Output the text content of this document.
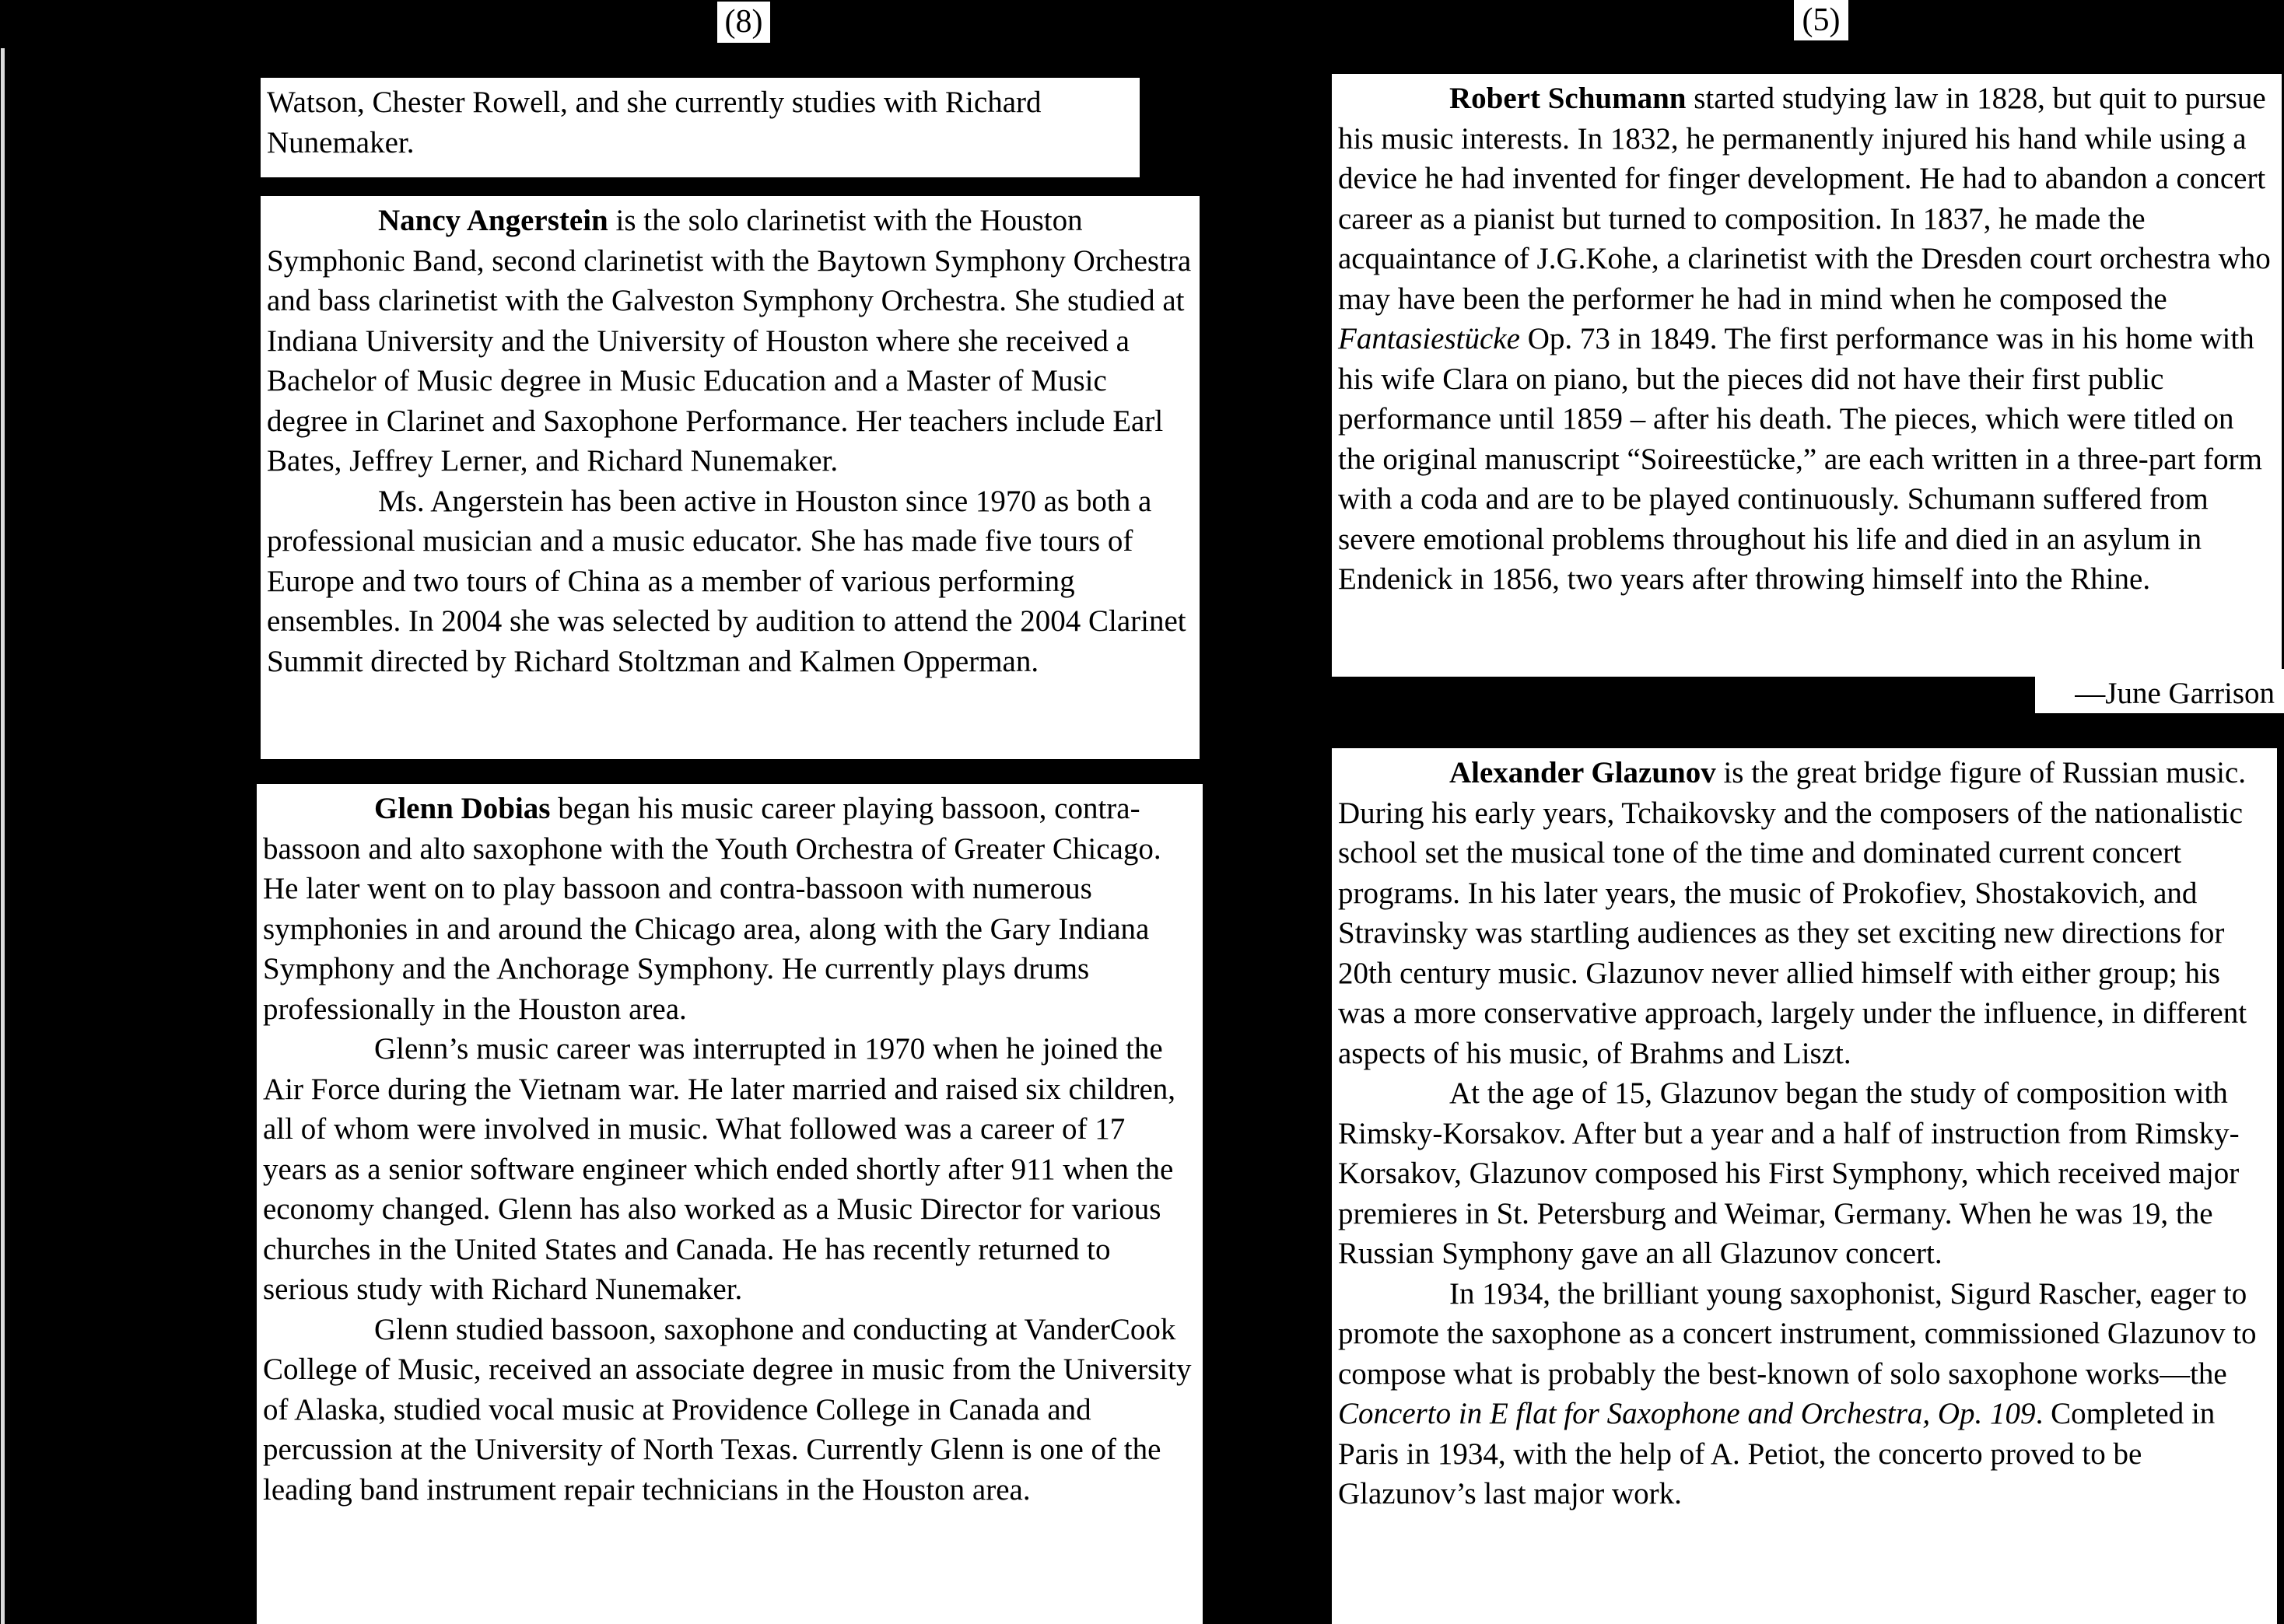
(8)	(5)

Watson, Chester Rowell, and she currently studies with Richard Nunemaker.

Nancy Angerstein is the solo clarinetist with the Houston Symphonic Band, second clarinetist with the Baytown Symphony Orchestra and bass clarinetist with the Galveston Symphony Orchestra. She studied at Indiana University and the University of Houston where she received a Bachelor of Music degree in Music Education and a Master of Music degree in Clarinet and Saxophone Performance. Her teachers include Earl Bates, Jeffrey Lerner, and Richard Nunemaker.

Ms. Angerstein has been active in Houston since 1970 as both a professional musician and a music educator. She has made five tours of Europe and two tours of China as a member of various performing ensembles. In 2004 she was selected by audition to attend the 2004 Clarinet Summit directed by Richard Stoltzman and Kalmen Opperman.

Glenn Dobias began his music career playing bassoon, contra-bassoon and alto saxophone with the Youth Orchestra of Greater Chicago. He later went on to play bassoon and contra-bassoon with numerous symphonies in and around the Chicago area, along with the Gary Indiana Symphony and the Anchorage Symphony. He currently plays drums professionally in the Houston area.

Glenn’s music career was interrupted in 1970 when he joined the Air Force during the Vietnam war. He later married and raised six children, all of whom were involved in music. What followed was a career of 17 years as a senior software engineer which ended shortly after 911 when the economy changed. Glenn has also worked as a Music Director for various churches in the United States and Canada. He has recently returned to serious study with Richard Nunemaker.

Glenn studied bassoon, saxophone and conducting at VanderCook College of Music, received an associate degree in music from the University of Alaska, studied vocal music at Providence College in Canada and percussion at the University of North Texas. Currently Glenn is one of the leading band instrument repair technicians in the Houston area.

Robert Schumann started studying law in 1828, but quit to pursue his music interests. In 1832, he permanently injured his hand while using a device he had invented for finger development. He had to abandon a concert career as a pianist but turned to composition. In 1837, he made the acquaintance of J.G.Kohe, a clarinetist with the Dresden court orchestra who may have been the performer he had in mind when he composed the Fantasiestücke Op. 73 in 1849. The first performance was in his home with his wife Clara on piano, but the pieces did not have their first public performance until 1859 – after his death. The pieces, which were titled on the original manuscript “Soireestücke,” are each written in a three-part form with a coda and are to be played continuously. Schumann suffered from severe emotional problems throughout his life and died in an asylum in Endenick in 1856, two years after throwing himself into the Rhine.

—June Garrison

Alexander Glazunov is the great bridge figure of Russian music. During his early years, Tchaikovsky and the composers of the nationalistic school set the musical tone of the time and dominated current concert programs. In his later years, the music of Prokofiev, Shostakovich, and Stravinsky was startling audiences as they set exciting new directions for 20th century music. Glazunov never allied himself with either group; his was a more conservative approach, largely under the influence, in different aspects of his music, of Brahms and Liszt.

At the age of 15, Glazunov began the study of composition with Rimsky-Korsakov. After but a year and a half of instruction from Rimsky-Korsakov, Glazunov composed his First Symphony, which received major premieres in St. Petersburg and Weimar, Germany. When he was 19, the Russian Symphony gave an all Glazunov concert.

In 1934, the brilliant young saxophonist, Sigurd Rascher, eager to promote the saxophone as a concert instrument, commissioned Glazunov to compose what is probably the best-known of solo saxophone works—the Concerto in E flat for Saxophone and Orchestra, Op. 109. Completed in Paris in 1934, with the help of A. Petiot, the concerto proved to be Glazunov’s last major work.
